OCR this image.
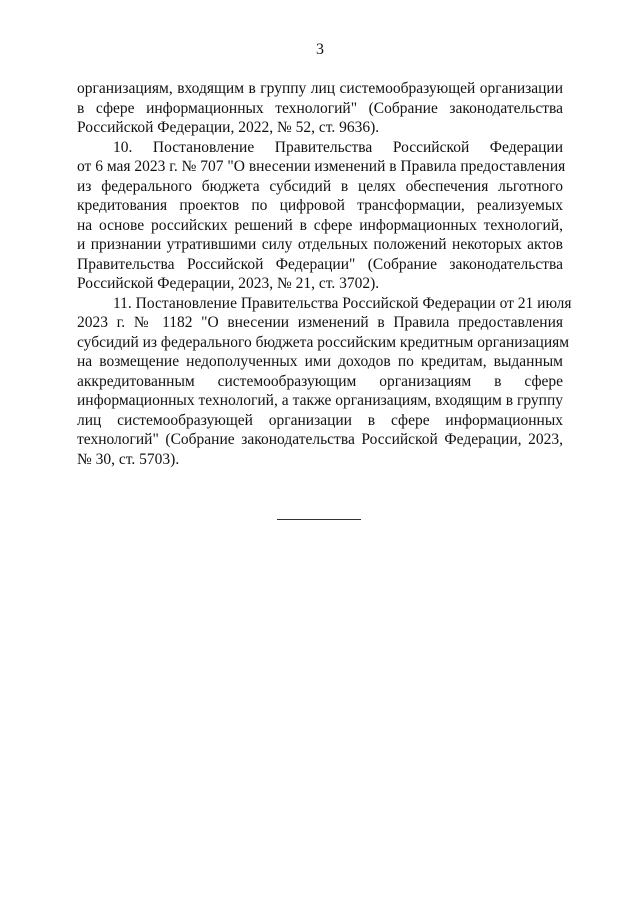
3
организациям, входящим в группу лиц системообразующей организации
в сфере информационных технологий" (Собрание законодательства
Российской Федерации, 2022, № 52, ст. 9636).
10. Постановление Правительства Российской Федерации
от 6 мая 2023 г. № 707 "О внесении изменений в Правила предоставления
из федерального бюджета субсидий в целях обеспечения льготного
кредитования проектов по цифровой трансформации, реализуемых
на основе российских решений в сфере информационных технологий,
и признании утратившими силу отдельных положений некоторых актов
Правительства Российской Федерации" (Собрание законодательства
Российской Федерации, 2023, № 21, ст. 3702).
11. Постановление Правительства Российской Федерации от 21 июля
2023 г. № 1182 "О внесении изменений в Правила предоставления
субсидий из федерального бюджета российским кредитным организациям
на возмещение недополученных ими доходов по кредитам, выданным
аккредитованным системообразующим организациям в сфере
информационных технологий, а также организациям, входящим в группу
лиц системообразующей организации в сфере информационных
технологий" (Собрание законодательства Российской Федерации, 2023,
№ 30, ст. 5703).
